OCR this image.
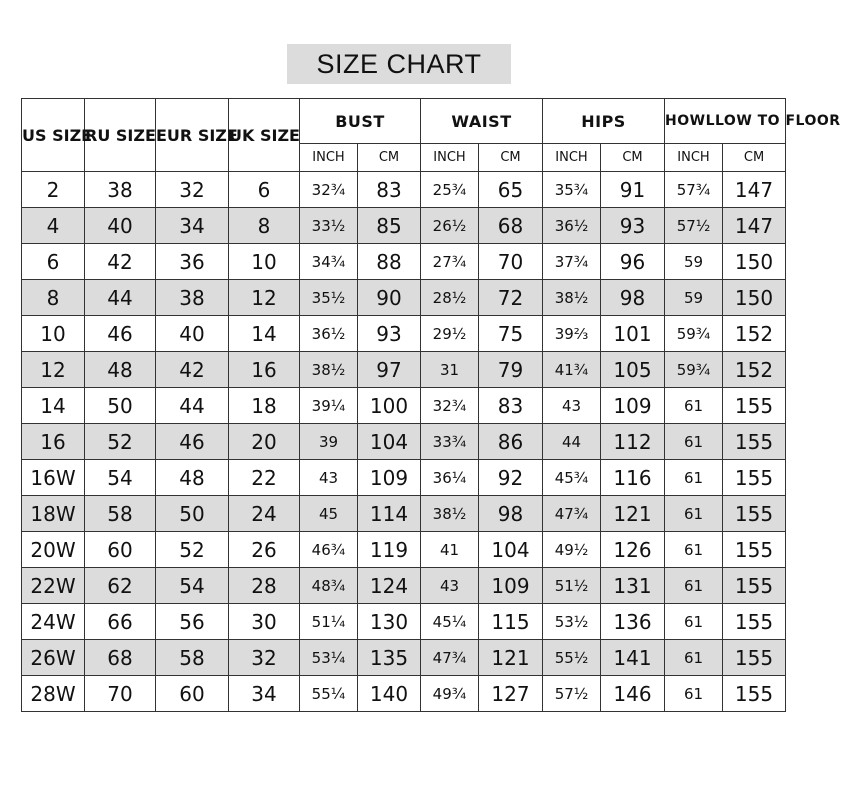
SIZE CHART
US SIZE	RU SIZE	EUR SIZE	UK SIZE	BUST		WAIST		HIPS		HOWLLOW TO FLOOR	
				INCH	CM	INCH	CM	INCH	CM	INCH	CM
2	38	32	6	32¾	83	25¾	65	35¾	91	57¾	147
4	40	34	8	33½	85	26½	68	36½	93	57½	147
6	42	36	10	34¾	88	27¾	70	37¾	96	59	150
8	44	38	12	35½	90	28½	72	38½	98	59	150
10	46	40	14	36½	93	29½	75	39⅔	101	59¾	152
12	48	42	16	38½	97	31	79	41¾	105	59¾	152
14	50	44	18	39¼	100	32¾	83	43	109	61	155
16	52	46	20	39	104	33¾	86	44	112	61	155
16W	54	48	22	43	109	36¼	92	45¾	116	61	155
18W	58	50	24	45	114	38½	98	47¾	121	61	155
20W	60	52	26	46¾	119	41	104	49½	126	61	155
22W	62	54	28	48¾	124	43	109	51½	131	61	155
24W	66	56	30	51¼	130	45¼	115	53½	136	61	155
26W	68	58	32	53¼	135	47¾	121	55½	141	61	155
28W	70	60	34	55¼	140	49¾	127	57½	146	61	155
